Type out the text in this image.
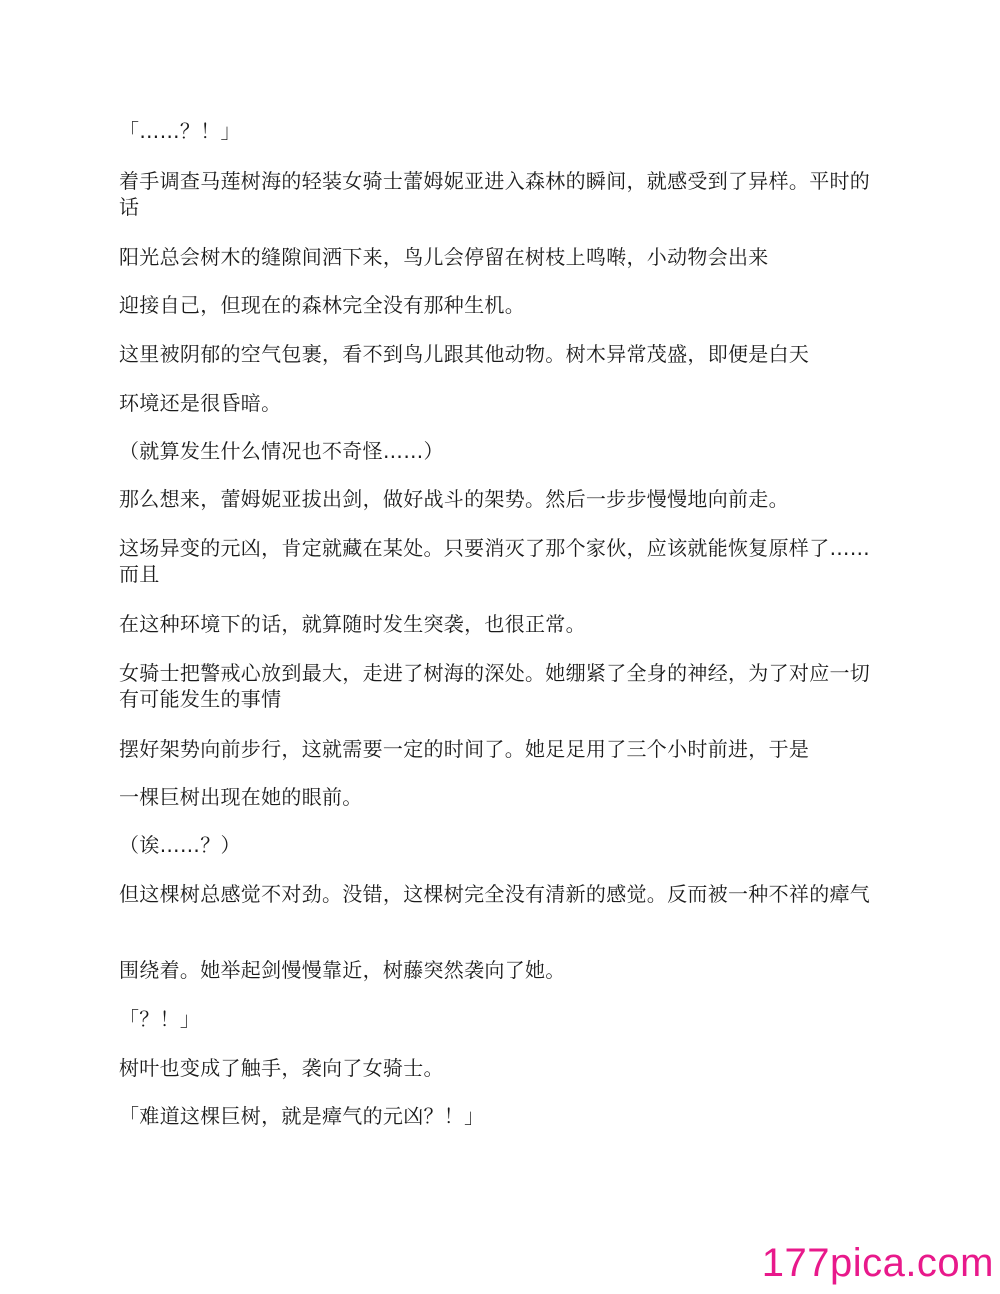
「……？！」
着手调查马莲树海的轻装女骑士蕾姆妮亚进入森林的瞬间，就感受到了异样。平时的话
阳光总会树木的缝隙间洒下来，鸟儿会停留在树枝上鸣啭，小动物会出来
迎接自己，但现在的森林完全没有那种生机。
这里被阴郁的空气包裹，看不到鸟儿跟其他动物。树木异常茂盛，即便是白天
环境还是很昏暗。
（就算发生什么情况也不奇怪……）
那么想来，蕾姆妮亚拔出剑，做好战斗的架势。然后一步步慢慢地向前走。
这场异变的元凶，肯定就藏在某处。只要消灭了那个家伙，应该就能恢复原样了……而且
在这种环境下的话，就算随时发生突袭，也很正常。
女骑士把警戒心放到最大，走进了树海的深处。她绷紧了全身的神经，为了对应一切有可能发生的事情
摆好架势向前步行，这就需要一定的时间了。她足足用了三个小时前进，于是
一棵巨树出现在她的眼前。
（诶……？）
但这棵树总感觉不对劲。没错，这棵树完全没有清新的感觉。反而被一种不祥的瘴气
围绕着。她举起剑慢慢靠近，树藤突然袭向了她。
「？！」
树叶也变成了触手，袭向了女骑士。
「难道这棵巨树，就是瘴气的元凶？！」
177pica.com
